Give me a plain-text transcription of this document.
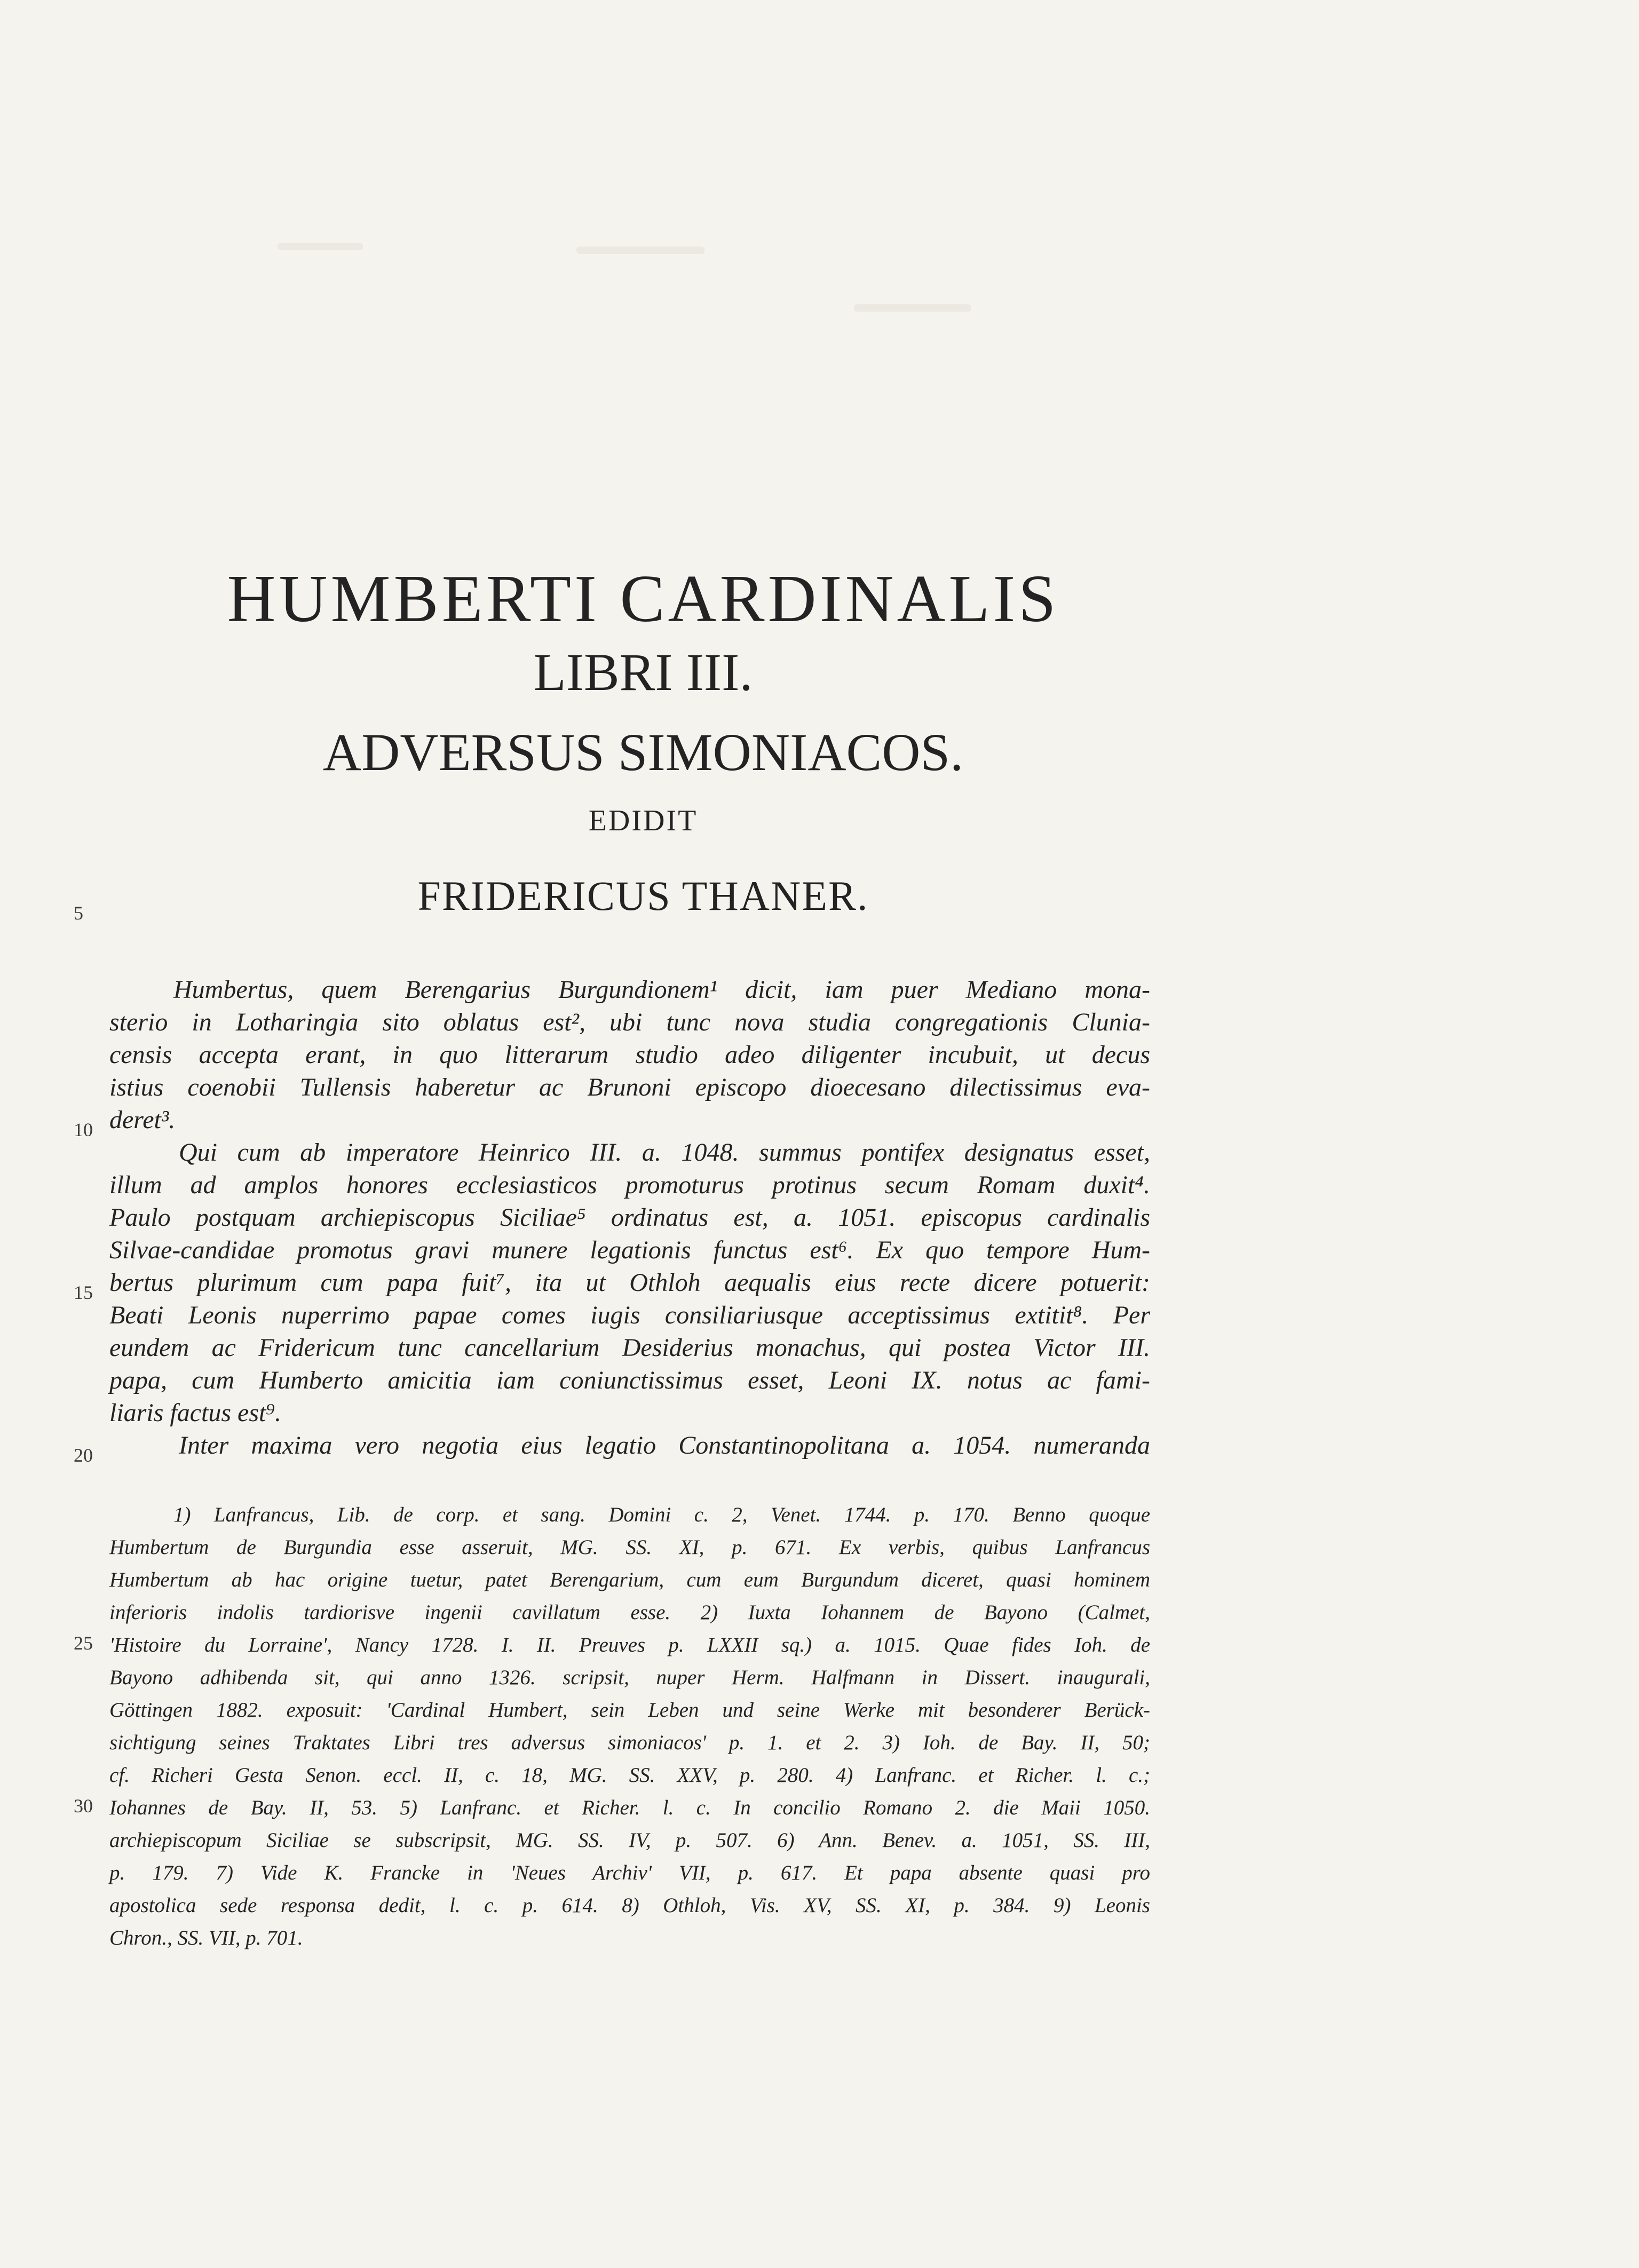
HUMBERTI CARDINALIS
LIBRI III.
ADVERSUS SIMONIACOS.
EDIDIT
FRIDERICUS THANER.
5
10
15
20
25
30
Humbertus, quem Berengarius Burgundionem¹ dicit, iam puer Mediano mona-
sterio in Lotharingia sito oblatus est², ubi tunc nova studia congregationis Clunia-
censis accepta erant, in quo litterarum studio adeo diligenter incubuit, ut decus
istius coenobii Tullensis haberetur ac Brunoni episcopo dioecesano dilectissimus eva-
deret³.
Qui cum ab imperatore Heinrico III. a. 1048. summus pontifex designatus esset,
illum ad amplos honores ecclesiasticos promoturus protinus secum Romam duxit⁴.
Paulo postquam archiepiscopus Siciliae⁵ ordinatus est, a. 1051. episcopus cardinalis
Silvae-candidae promotus gravi munere legationis functus est⁶. Ex quo tempore Hum-
bertus plurimum cum papa fuit⁷, ita ut Othloh aequalis eius recte dicere potuerit:
Beati Leonis nuperrimo papae comes iugis consiliariusque acceptissimus extitit⁸. Per
eundem ac Fridericum tunc cancellarium Desiderius monachus, qui postea Victor III.
papa, cum Humberto amicitia iam coniunctissimus esset, Leoni IX. notus ac fami-
liaris factus est⁹.
Inter maxima vero negotia eius legatio Constantinopolitana a. 1054. numeranda
1) Lanfrancus, Lib. de corp. et sang. Domini c. 2, Venet. 1744. p. 170. Benno quoque
Humbertum de Burgundia esse asseruit, MG. SS. XI, p. 671. Ex verbis, quibus Lanfrancus
Humbertum ab hac origine tuetur, patet Berengarium, cum eum Burgundum diceret, quasi hominem
inferioris indolis tardiorisve ingenii cavillatum esse. 2) Iuxta Iohannem de Bayono (Calmet,
'Histoire du Lorraine', Nancy 1728. I. II. Preuves p. LXXII sq.) a. 1015. Quae fides Ioh. de
Bayono adhibenda sit, qui anno 1326. scripsit, nuper Herm. Halfmann in Dissert. inaugurali,
Göttingen 1882. exposuit: 'Cardinal Humbert, sein Leben und seine Werke mit besonderer Berück-
sichtigung seines Traktates Libri tres adversus simoniacos' p. 1. et 2. 3) Ioh. de Bay. II, 50;
cf. Richeri Gesta Senon. eccl. II, c. 18, MG. SS. XXV, p. 280. 4) Lanfranc. et Richer. l. c.;
Iohannes de Bay. II, 53. 5) Lanfranc. et Richer. l. c. In concilio Romano 2. die Maii 1050.
archiepiscopum Siciliae se subscripsit, MG. SS. IV, p. 507. 6) Ann. Benev. a. 1051, SS. III,
p. 179. 7) Vide K. Francke in 'Neues Archiv' VII, p. 617. Et papa absente quasi pro
apostolica sede responsa dedit, l. c. p. 614. 8) Othloh, Vis. XV, SS. XI, p. 384. 9) Leonis
Chron., SS. VII, p. 701.
